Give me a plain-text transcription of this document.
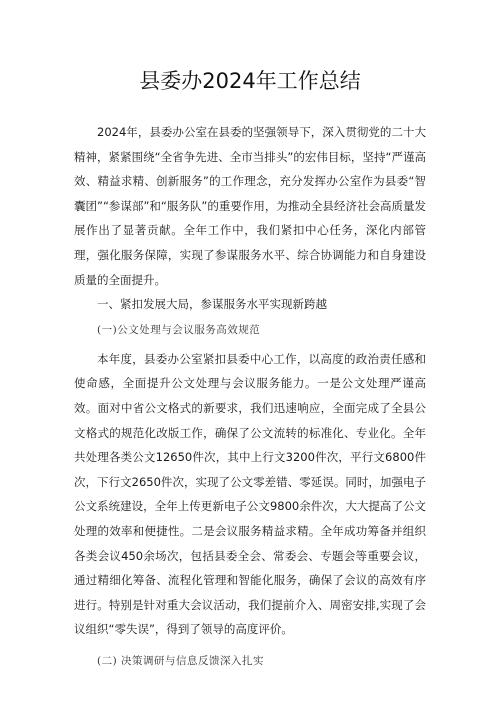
县委办2024年工作总结

2024年，县委办公室在县委的坚强领导下，深入贯彻党的二十大精神，紧紧围绕“全省争先进、全市当排头”的宏伟目标，坚持“严谨高效、精益求精、创新服务”的工作理念，充分发挥办公室作为县委“智囊团”“参谋部”和“服务队”的重要作用，为推动全县经济社会高质量发展作出了显著贡献。全年工作中，我们紧扣中心任务，深化内部管理，强化服务保障，实现了参谋服务水平、综合协调能力和自身建设质量的全面提升。

一、紧扣发展大局，参谋服务水平实现新跨越

(一)公文处理与会议服务高效规范

本年度，县委办公室紧扣县委中心工作，以高度的政治责任感和使命感，全面提升公文处理与会议服务能力。一是公文处理严谨高效。面对中省公文格式的新要求，我们迅速响应，全面完成了全县公文格式的规范化改版工作，确保了公文流转的标准化、专业化。全年共处理各类公文12650件次，其中上行文3200件次，平行文6800件次，下行文2650件次，实现了公文零差错、零延误。同时，加强电子公文系统建设，全年上传更新电子公文9800余件次，大大提高了公文处理的效率和便捷性。二是会议服务精益求精。全年成功筹备并组织各类会议450余场次，包括县委全会、常委会、专题会等重要会议，通过精细化筹备、流程化管理和智能化服务，确保了会议的高效有序进行。特别是针对重大会议活动，我们提前介入、周密安排,实现了会议组织“零失误”，得到了领导的高度评价。

(二) 决策调研与信息反馈深入扎实
